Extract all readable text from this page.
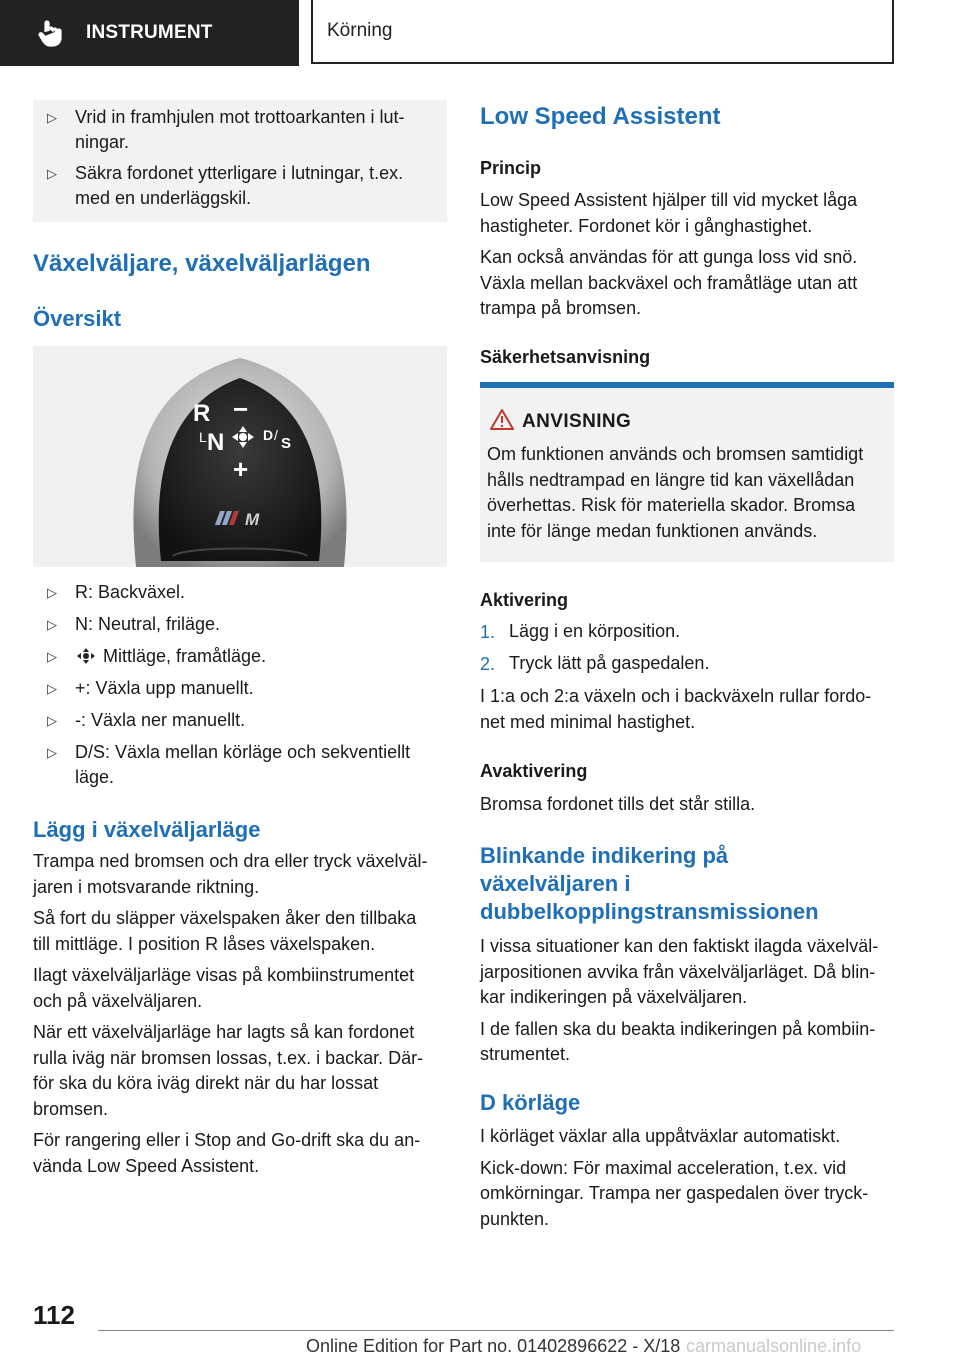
INSTRUMENT	Körning
▷ Vrid in framhjulen mot trottoarkanten i lut-
ningar.
▷ Säkra fordonet ytterligare i lutningar, t.ex.
med en underläggskil.
Växelväljare, växelväljarlägen
Översikt
R −
L N	D / S
+
M
▷ R: Backväxel.
▷ N: Neutral, friläge.
▷	Mittläge, framåtläge.
▷ +: Växla upp manuellt.
▷ -: Växla ner manuellt.
▷ D/S: Växla mellan körläge och sekventiellt
läge.
Lägg i växelväljarläge

Trampa ned bromsen och dra eller tryck växelväl-
jaren i motsvarande riktning.

Så fort du släpper växelspaken åker den tillbaka
till mittläge. I position R låses växelspaken.

Ilagt växelväljarläge visas på kombiinstrumentet
och på växelväljaren.

När ett växelväljarläge har lagts så kan fordonet
rulla iväg när bromsen lossas, t.ex. i backar. Där-
för ska du köra iväg direkt när du har lossat
bromsen.

För rangering eller i Stop and Go-drift ska du an-
vända Low Speed Assistent.

Low Speed Assistent
Princip

Low Speed Assistent hjälper till vid mycket låga
hastigheter. Fordonet kör i gånghastighet.

Kan också användas för att gunga loss vid snö.
Växla mellan backväxel och framåtläge utan att
trampa på bromsen.

Säkerhetsanvisning
ANVISNING
Om funktionen används och bromsen samtidigt
hålls nedtrampad en längre tid kan växellådan
överhettas. Risk för materiella skador. Bromsa
inte för länge medan funktionen används.
Aktivering
1. Lägg i en körposition.
2. Tryck lätt på gaspedalen.
I 1:a och 2:a växeln och i backväxeln rullar fordo-
net med minimal hastighet.
Avaktivering
Bromsa fordonet tills det står stilla.
Blinkande indikering på
växelväljaren i
dubbelkopplingstransmissionen

I vissa situationer kan den faktiskt ilagda växelväl-
jarpositionen avvika från växelväljarläget. Då blin-
kar indikeringen på växelväljaren.

I de fallen ska du beakta indikeringen på kombiin-
strumentet.

D körläge

I körläget växlar alla uppåtväxlar automatiskt.

Kick-down: För maximal acceleration, t.ex. vid
omkörningar. Trampa ner gaspedalen över tryck-
punkten.

112
Online Edition for Part no. 01402896622 - X/18 carmanualsonline.info
